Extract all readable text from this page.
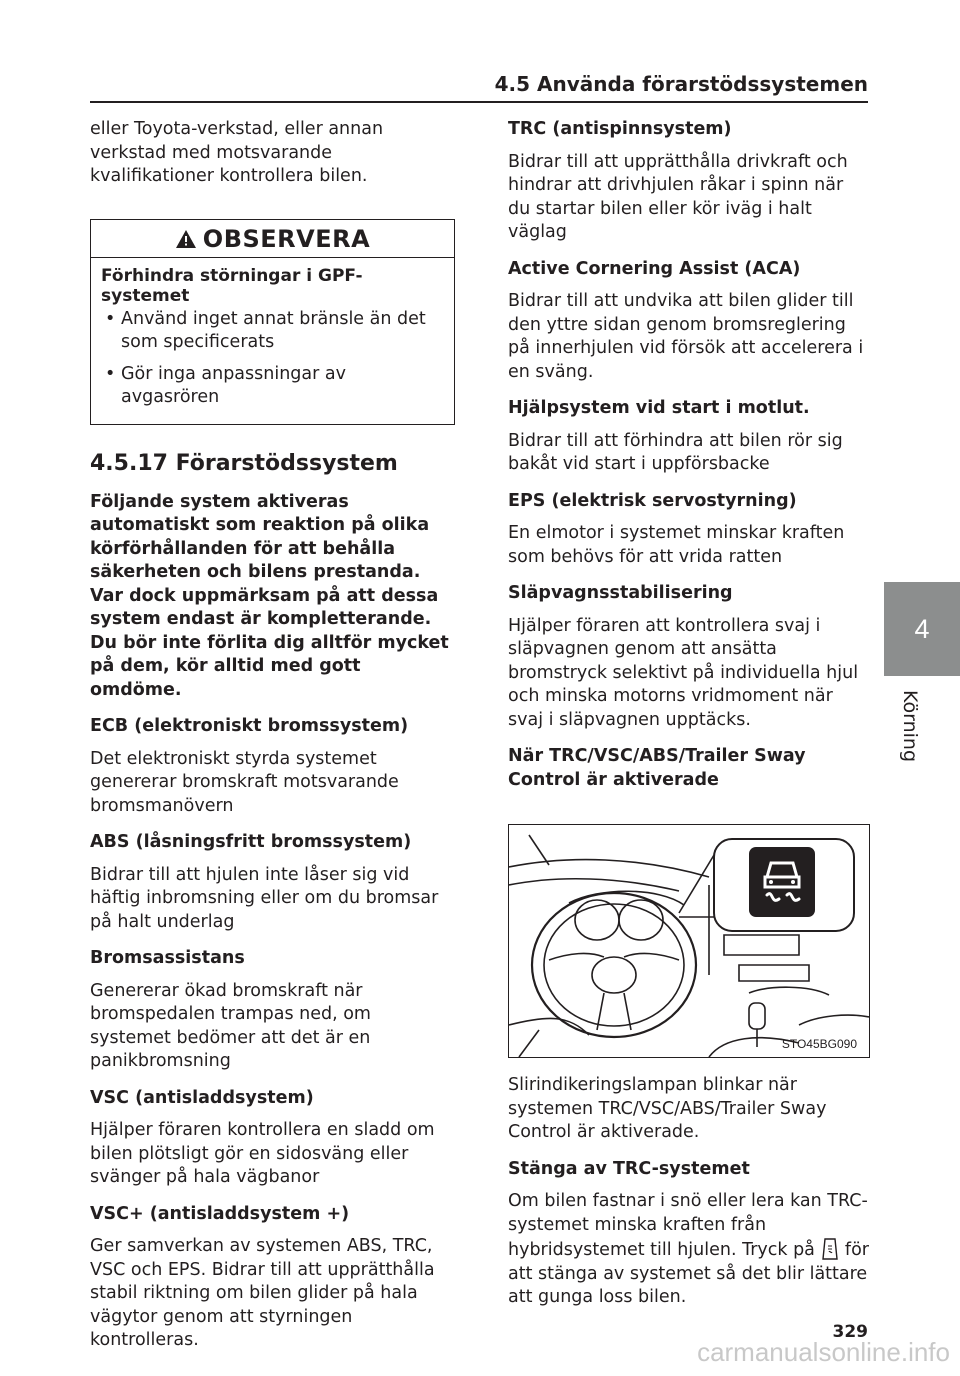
4.5 Använda förarstödssystemen

eller Toyota-verkstad, eller annan verkstad med motsvarande kvalifikationer kontrollera bilen.

OBSERVERA
Förhindra störningar i GPF-systemet
• Använd inget annat bränsle än det som specificerats
• Gör inga anpassningar av avgasrören
4.5.17 Förarstödssystem

Följande system aktiveras automatiskt som reaktion på olika körförhållanden för att behålla säkerheten och bilens prestanda. Var dock uppmärksam på att dessa system endast är kompletterande. Du bör inte förlita dig alltför mycket på dem, kör alltid med gott omdöme.

ECB (elektroniskt bromssystem)

Det elektroniskt styrda systemet genererar bromskraft motsvarande bromsmanövern

ABS (låsningsfritt bromssystem)

Bidrar till att hjulen inte låser sig vid häftig inbromsning eller om du bromsar på halt underlag

Bromsassistans

Genererar ökad bromskraft när bromspedalen trampas ned, om systemet bedömer att det är en panikbromsning

VSC (antisladdsystem)

Hjälper föraren kontrollera en sladd om bilen plötsligt gör en sidosväng eller svänger på hala vägbanor

VSC+ (antisladdsystem +)

Ger samverkan av systemen ABS, TRC, VSC och EPS. Bidrar till att upprätthålla stabil riktning om bilen glider på hala vägytor genom att styrningen kontrolleras.

TRC (antispinnsystem)

Bidrar till att upprätthålla drivkraft och hindrar att drivhjulen råkar i spinn när du startar bilen eller kör iväg i halt väglag

Active Cornering Assist (ACA)

Bidrar till att undvika att bilen glider till den yttre sidan genom bromsreglering på innerhjulen vid försök att accelerera i en sväng.

Hjälpsystem vid start i motlut.

Bidrar till att förhindra att bilen rör sig bakåt vid start i uppförsbacke

EPS (elektrisk servostyrning)

En elmotor i systemet minskar kraften som behövs för att vrida ratten

Släpvagnsstabilisering

Hjälper föraren att kontrollera svaj i släpvagnen genom att ansätta bromstryck selektivt på individuella hjul och minska motorns vridmoment när svaj i släpvagnen upptäcks.

När TRC/VSC/ABS/Trailer Sway Control är aktiverade

STO45BG090

Slirindikeringslampan blinkar när systemen TRC/VSC/ABS/Trailer Sway Control är aktiverade.

Stänga av TRC-systemet

Om bilen fastnar i snö eller lera kan TRC-systemet minska kraften från hybridsystemet till hjulen. Tryck på för att stänga av systemet så det blir lättare att gunga loss bilen.

4
Körning
329
carmanualsonline.info
